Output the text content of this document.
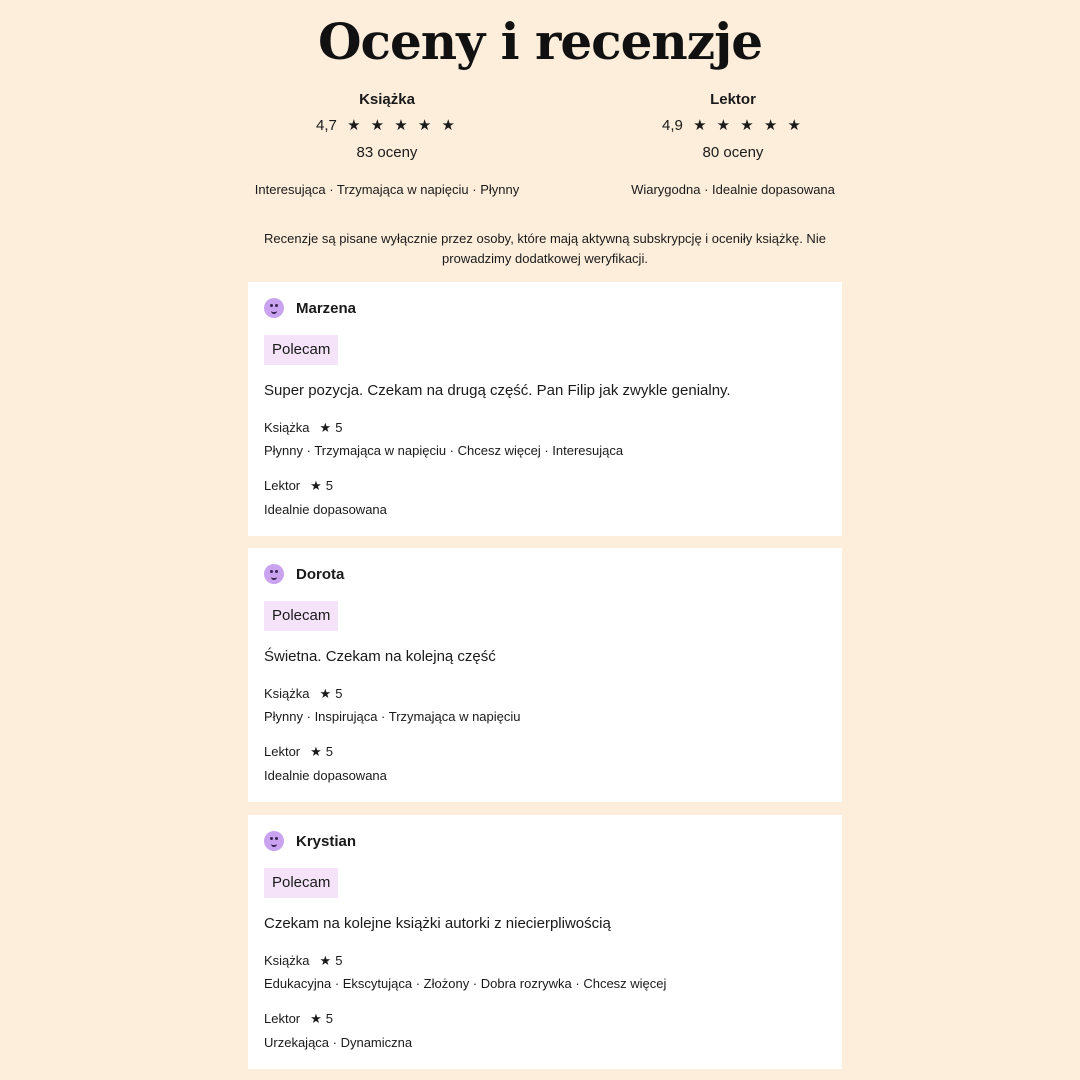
Oceny i recenzje
Książka
4,7 ★ ★ ★ ★ ★
83 oceny
Interesująca · Trzymająca w napięciu · Płynny
Lektor
4,9 ★ ★ ★ ★ ★
80 oceny
Wiarygodna · Idealnie dopasowana
Recenzje są pisane wyłącznie przez osoby, które mają aktywną subskrypcję i oceniły książkę. Nie prowadzimy dodatkowej weryfikacji.
Marzena
Polecam
Super pozycja. Czekam na drugą część. Pan Filip jak zwykle genialny.
Książka ★ 5
Płynny · Trzymająca w napięciu · Chcesz więcej · Interesująca
Lektor ★ 5
Idealnie dopasowana
Dorota
Polecam
Świetna. Czekam na kolejną część
Książka ★ 5
Płynny · Inspirująca · Trzymająca w napięciu
Lektor ★ 5
Idealnie dopasowana
Krystian
Polecam
Czekam na kolejne książki autorki z niecierpliwością
Książka ★ 5
Edukacyjna · Ekscytująca · Złożony · Dobra rozrywka · Chcesz więcej
Lektor ★ 5
Urzekająca · Dynamiczna
